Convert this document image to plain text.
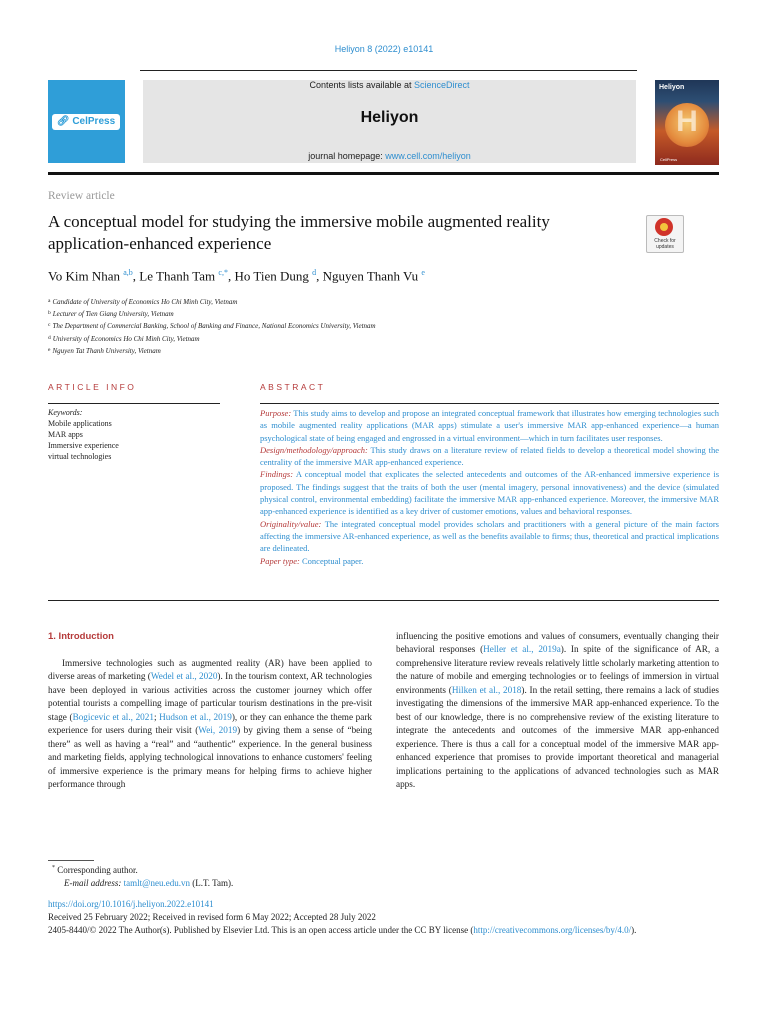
Heliyon 8 (2022) e10141
🔗︎ CelPress
Contents lists available at ScienceDirect
Heliyon
journal homepage: www.cell.com/heliyon
Heliyon
H
CellPress
Review article
A conceptual model for studying the immersive mobile augmented reality application-enhanced experience	Check for updates
Vo Kim Nhan $^{a,b}$, Le Thanh Tam $^{c,*}$, Ho Tien Dung $^d$, Nguyen Thanh Vu $^e$
$^a$ Candidate of University of Economics Ho Chi Minh City, Vietnam
$^b$ Lecturer of Tien Giang University, Vietnam
$^c$ The Department of Commercial Banking, School of Banking and Finance, National Economics University, Vietnam
$^d$ University of Economics Ho Chi Minh City, Vietnam
$^e$ Nguyen Tat Thanh University, Vietnam
ARTICLE INFO	ABSTRACT
Keywords:
Mobile applications
MAR apps
Immersive experience
virtual technologies
Purpose: This study aims to develop and propose an integrated conceptual framework that illustrates how emerging technologies such as mobile augmented reality applications (MAR apps) stimulate a user's immersive MAR app-enhanced experience—a human psychological state of being engaged and engrossed in a virtual environment—which in turn facilitates user responses.
Design/methodology/approach: This study draws on a literature review of related fields to develop a theoretical model showing the centrality of the immersive MAR app-enhanced experience.
Findings: A conceptual model that explicates the selected antecedents and outcomes of the AR-enhanced immersive experience is proposed. The findings suggest that the traits of both the user (mental imagery, personal innovativeness) and the device (simulated physical control, environmental embedding) facilitate the immersive MAR app-enhanced experience. Moreover, the immersive MAR app-enhanced experience is identified as a key driver of customer emotions, values and behavioral responses.
Originality/value: The integrated conceptual model provides scholars and practitioners with a general picture of the main factors affecting the immersive AR-enhanced experience, as well as the benefits available to firms; thus, theoretical and practical implications are delineated.
Paper type: Conceptual paper.
1. Introduction
Immersive technologies such as augmented reality (AR) have been applied to diverse areas of marketing (Wedel et al., 2020). In the tourism context, AR technologies have been deployed in various activities across the customer journey which offer potential tourists a compelling image of particular tourism destinations in the pre-visit stage (Bogicevic et al., 2021; Hudson et al., 2019), or they can enhance the theme park experience for users during their visit (Wei, 2019) by giving them a sense of “being there” as well as having a “real” and “authentic” experience. In the general business and marketing fields, applying technological innovations to enhance customers' feeling of immersive experience is the primary means for helping firms to achieve higher performance through
influencing the positive emotions and values of consumers, eventually changing their behavioral responses (Heller et al., 2019a). In spite of the significance of AR, a comprehensive literature review reveals relatively little scholarly marketing attention to the nature of mobile and emerging technologies or to feelings of immersion in virtual environments (Hilken et al., 2018). In the retail setting, there remains a lack of studies investigating the dimensions of the immersive MAR app-enhanced experience. To the best of our knowledge, there is no comprehensive review of the existing literature to integrate the antecedents and outcomes of the immersive MAR app-enhanced experience. There is thus a call for a conceptual model of the immersive MAR app-enhanced experience that promises to provide important theoretical and managerial implications pertaining to the applications of advanced technologies such as MAR apps.
* Corresponding author.
E-mail address: tamlt@neu.edu.vn (L.T. Tam).
https://doi.org/10.1016/j.heliyon.2022.e10141
Received 25 February 2022; Received in revised form 6 May 2022; Accepted 28 July 2022
2405-8440/© 2022 The Author(s). Published by Elsevier Ltd. This is an open access article under the CC BY license (http://creativecommons.org/licenses/by/4.0/).
